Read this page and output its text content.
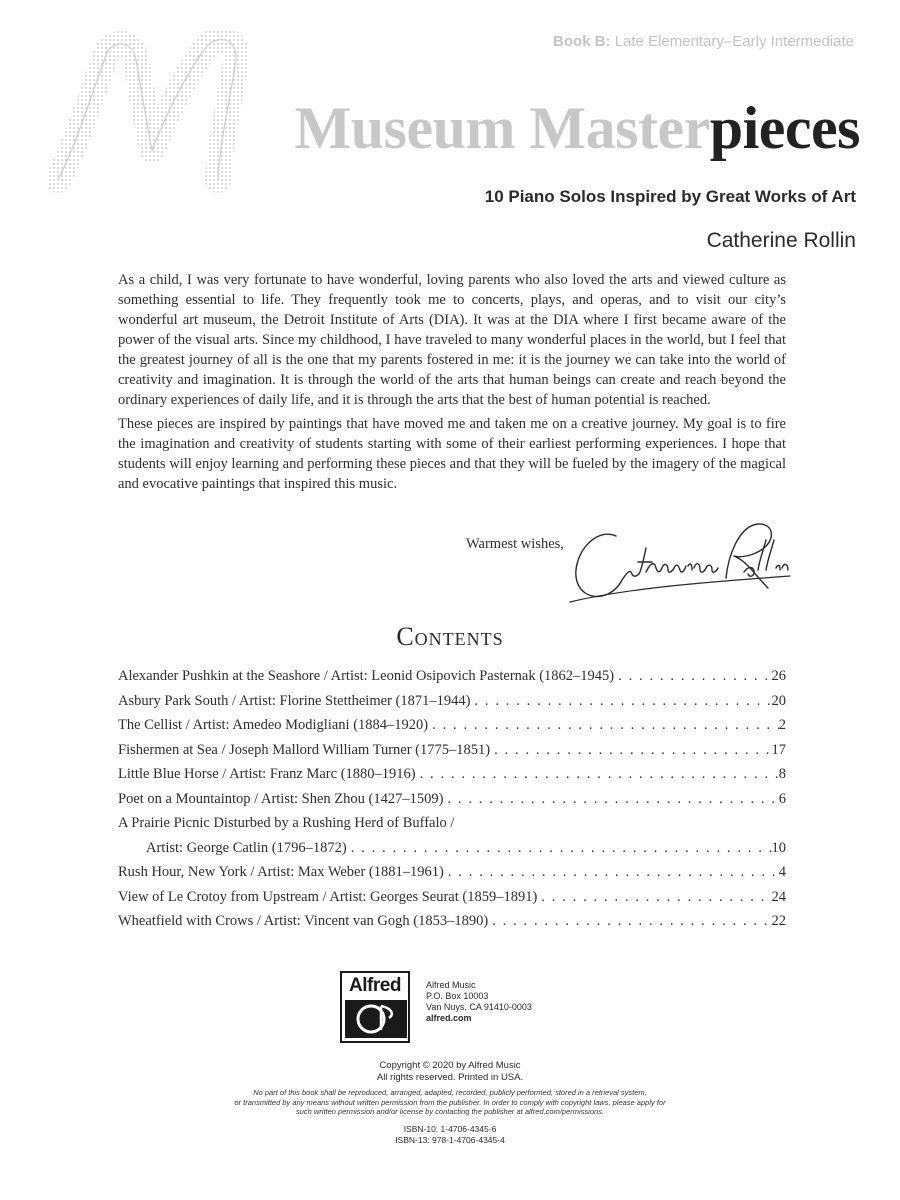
Book B: Late Elementary–Early Intermediate
Museum Masterpieces
10 Piano Solos Inspired by Great Works of Art
Catherine Rollin

As a child, I was very fortunate to have wonderful, loving parents who also loved the arts and viewed culture as something essential to life. They frequently took me to concerts, plays, and operas, and to visit our city’s wonderful art museum, the Detroit Institute of Arts (DIA). It was at the DIA where I first became aware of the power of the visual arts. Since my childhood, I have traveled to many wonderful places in the world, but I feel that the greatest journey of all is the one that my parents fostered in me: it is the journey we can take into the world of creativity and imagination. It is through the world of the arts that human beings can create and reach beyond the ordinary experiences of daily life, and it is through the arts that the best of human potential is reached.

These pieces are inspired by paintings that have moved me and taken me on a creative journey. My goal is to fire the imagination and creativity of students starting with some of their earliest performing experiences. I hope that students will enjoy learning and performing these pieces and that they will be fueled by the imagery of the magical and evocative paintings that inspired this music.

Warmest wishes,
Contents
Alexander Pushkin at the Seashore / Artist: Leonid Osipovich Pasternak (1862–1945) . . .	26
Asbury Park South / Artist: Florine Stettheimer (1871–1944) . . .	20
The Cellist / Artist: Amedeo Modigliani (1884–1920) . . .	2
Fishermen at Sea / Joseph Mallord William Turner (1775–1851) . . .	17
Little Blue Horse / Artist: Franz Marc (1880–1916) . . .	8
Poet on a Mountaintop / Artist: Shen Zhou (1427–1509) . . .	6
A Prairie Picnic Disturbed by a Rushing Herd of Buffalo /
Artist: George Catlin (1796–1872) . . .	10
Rush Hour, New York / Artist: Max Weber (1881–1961) . . .	4
View of Le Crotoy from Upstream / Artist: Georges Seurat (1859–1891) . . .	24
Wheatfield with Crows / Artist: Vincent van Gogh (1853–1890) . . .	22
Alfred	Alfred Music
P.O. Box 10003
Van Nuys, CA 91410-0003
alfred.com
Copyright © 2020 by Alfred Music
All rights reserved. Printed in USA.
No part of this book shall be reproduced, arranged, adapted, recorded, publicly performed, stored in a retrieval system,
or transmitted by any means without written permission from the publisher. In order to comply with copyright laws, please apply for
such written permission and/or license by contacting the publisher at alfred.com/permissions.
ISBN-10: 1-4706-4345-6
ISBN-13: 978-1-4706-4345-4
